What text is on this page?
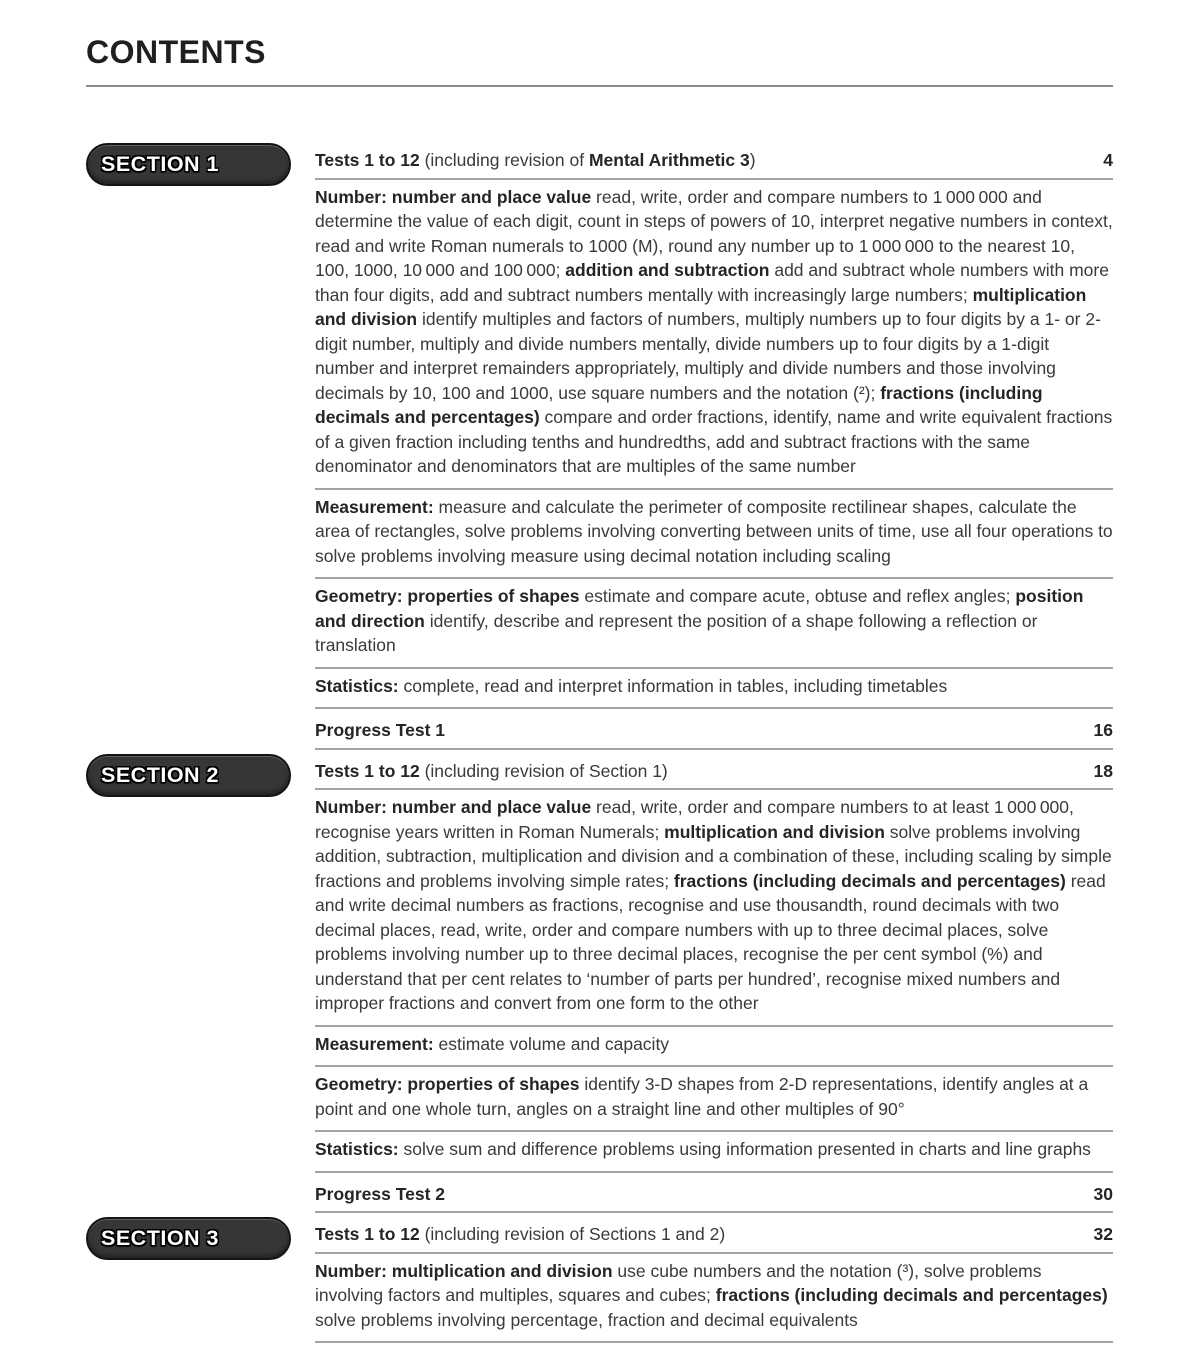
CONTENTS
SECTION 1	Tests 1 to 12 (including revision of Mental Arithmetic 3)	4
Number: number and place value read, write, order and compare numbers to 1 000 000 and determine the value of each digit, count in steps of powers of 10, interpret negative numbers in context, read and write Roman numerals to 1000 (M), round any number up to 1 000 000 to the nearest 10, 100, 1000, 10 000 and 100 000; addition and subtraction add and subtract whole numbers with more than four digits, add and subtract numbers mentally with increasingly large numbers; multiplication and division identify multiples and factors of numbers, multiply numbers up to four digits by a 1- or 2-digit number, multiply and divide numbers mentally, divide numbers up to four digits by a 1-digit number and interpret remainders appropriately, multiply and divide numbers and those involving decimals by 10, 100 and 1000, use square numbers and the notation (²); fractions (including decimals and percentages) compare and order fractions, identify, name and write equivalent fractions of a given fraction including tenths and hundredths, add and subtract fractions with the same denominator and denominators that are multiples of the same number
Measurement: measure and calculate the perimeter of composite rectilinear shapes, calculate the area of rectangles, solve problems involving converting between units of time, use all four operations to solve problems involving measure using decimal notation including scaling
Geometry: properties of shapes estimate and compare acute, obtuse and reflex angles; position and direction identify, describe and represent the position of a shape following a reflection or translation
Statistics: complete, read and interpret information in tables, including timetables
Progress Test 1	16
SECTION 2	Tests 1 to 12 (including revision of Section 1)	18
Number: number and place value read, write, order and compare numbers to at least 1 000 000, recognise years written in Roman Numerals; multiplication and division solve problems involving addition, subtraction, multiplication and division and a combination of these, including scaling by simple fractions and problems involving simple rates; fractions (including decimals and percentages) read and write decimal numbers as fractions, recognise and use thousandth, round decimals with two decimal places, read, write, order and compare numbers with up to three decimal places, solve problems involving number up to three decimal places, recognise the per cent symbol (%) and understand that per cent relates to ‘number of parts per hundred’, recognise mixed numbers and improper fractions and convert from one form to the other
Measurement: estimate volume and capacity
Geometry: properties of shapes identify 3-D shapes from 2-D representations, identify angles at a point and one whole turn, angles on a straight line and other multiples of 90°
Statistics: solve sum and difference problems using information presented in charts and line graphs
Progress Test 2	30
SECTION 3	Tests 1 to 12 (including revision of Sections 1 and 2)	32
Number: multiplication and division use cube numbers and the notation (³), solve problems involving factors and multiples, squares and cubes; fractions (including decimals and percentages) solve problems involving percentage, fraction and decimal equivalents
